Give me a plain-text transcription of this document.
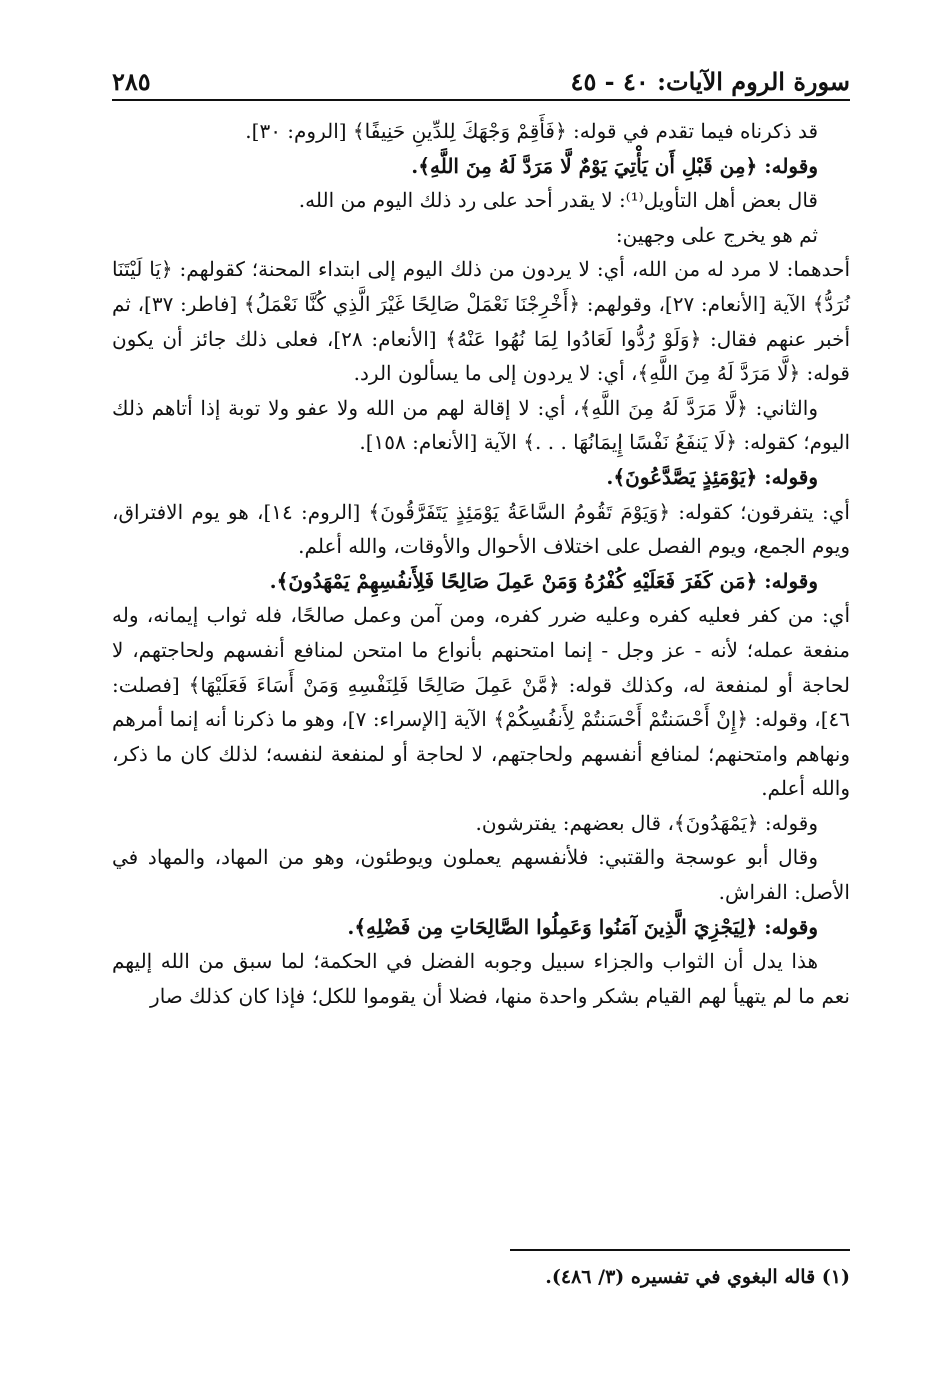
سورة الروم الآيات: ٤٠ - ٤٥
٢٨٥

قد ذكرناه فيما تقدم في قوله: ﴿فَأَقِمْ وَجْهَكَ لِلدِّينِ حَنِيفًا﴾ [الروم: ٣٠].

وقوله: ﴿مِن قَبْلِ أَن يَأْتِيَ يَوْمٌ لَّا مَرَدَّ لَهُ مِنَ اللَّهِ﴾.

قال بعض أهل التأويل⁽¹⁾: لا يقدر أحد على رد ذلك اليوم من الله.

ثم هو يخرج على وجهين:

أحدهما: لا مرد له من الله، أي: لا يردون من ذلك اليوم إلى ابتداء المحنة؛ كقولهم: ﴿يَا لَيْتَنَا نُرَدُّ﴾ الآية [الأنعام: ٢٧]، وقولهم: ﴿أَخْرِجْنَا نَعْمَلْ صَالِحًا غَيْرَ الَّذِي كُنَّا نَعْمَلُ﴾ [فاطر: ٣٧]، ثم أخبر عنهم فقال: ﴿وَلَوْ رُدُّوا لَعَادُوا لِمَا نُهُوا عَنْهُ﴾ [الأنعام: ٢٨]، فعلى ذلك جائز أن يكون قوله: ﴿لَّا مَرَدَّ لَهُ مِنَ اللَّهِ﴾، أي: لا يردون إلى ما يسألون الرد.

والثاني: ﴿لَّا مَرَدَّ لَهُ مِنَ اللَّهِ﴾، أي: لا إقالة لهم من الله ولا عفو ولا توبة إذا أتاهم ذلك اليوم؛ كقوله: ﴿لَا يَنفَعُ نَفْسًا إِيمَانُهَا . . .﴾ الآية [الأنعام: ١٥٨].

وقوله: ﴿يَوْمَئِذٍ يَصَّدَّعُونَ﴾.

أي: يتفرقون؛ كقوله: ﴿وَيَوْمَ تَقُومُ السَّاعَةُ يَوْمَئِذٍ يَتَفَرَّقُونَ﴾ [الروم: ١٤]، هو يوم الافتراق، ويوم الجمع، ويوم الفصل على اختلاف الأحوال والأوقات، والله أعلم.

وقوله: ﴿مَن كَفَرَ فَعَلَيْهِ كُفْرُهُ وَمَنْ عَمِلَ صَالِحًا فَلِأَنفُسِهِمْ يَمْهَدُونَ﴾.

أي: من كفر فعليه كفره وعليه ضرر كفره، ومن آمن وعمل صالحًا، فله ثواب إيمانه، وله منفعة عمله؛ لأنه - عز وجل - إنما امتحنهم بأنواع ما امتحن لمنافع أنفسهم ولحاجتهم، لا لحاجة أو لمنفعة له، وكذلك قوله: ﴿مَّنْ عَمِلَ صَالِحًا فَلِنَفْسِهِ وَمَنْ أَسَاءَ فَعَلَيْهَا﴾ [فصلت: ٤٦]، وقوله: ﴿إِنْ أَحْسَنتُمْ أَحْسَنتُمْ لِأَنفُسِكُمْ﴾ الآية [الإسراء: ٧]، وهو ما ذكرنا أنه إنما أمرهم ونهاهم وامتحنهم؛ لمنافع أنفسهم ولحاجتهم، لا لحاجة أو لمنفعة لنفسه؛ لذلك كان ما ذكر، والله أعلم.

وقوله: ﴿يَمْهَدُونَ﴾، قال بعضهم: يفترشون.

وقال أبو عوسجة والقتبي: فلأنفسهم يعملون ويوطئون، وهو من المهاد، والمهاد في الأصل: الفراش.

وقوله: ﴿لِيَجْزِيَ الَّذِينَ آمَنُوا وَعَمِلُوا الصَّالِحَاتِ مِن فَضْلِهِ﴾.

هذا يدل أن الثواب والجزاء سبيل وجوبه الفضل في الحكمة؛ لما سبق من الله إليهم نعم ما لم يتهيأ لهم القيام بشكر واحدة منها، فضلا أن يقوموا للكل؛ فإذا كان كذلك صار

(١) قاله البغوي في تفسيره (٣/ ٤٨٦).
